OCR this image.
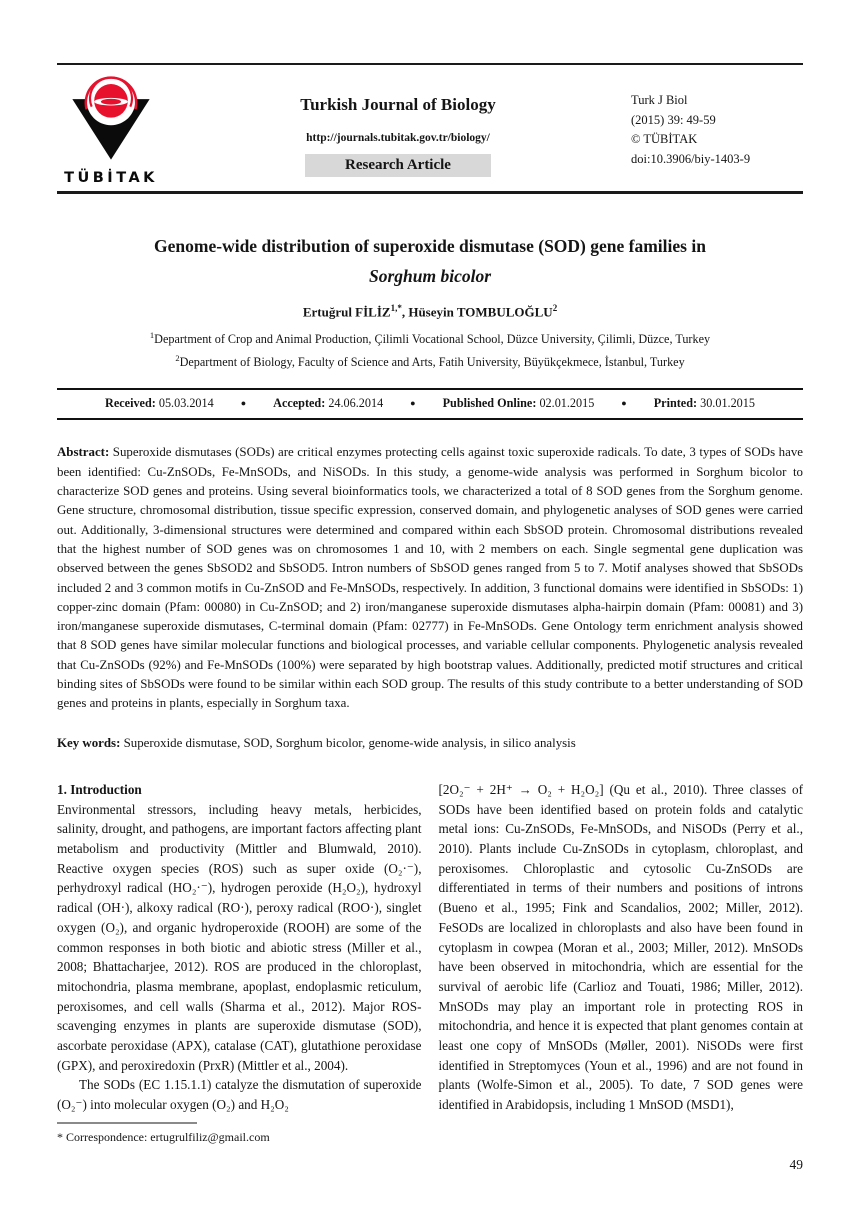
TÜBİTAK
Turkish Journal of Biology
http://journals.tubitak.gov.tr/biology/
Research Article
Turk J Biol
(2015) 39: 49-59
© TÜBİTAK
doi:10.3906/biy-1403-9
Genome-wide distribution of superoxide dismutase (SOD) gene families in
Sorghum bicolor
Ertuğrul $FİLİZ^{1,*}$, Hüseyin TOMBULOĞLU$^2$
$^1$Department of Crop and Animal Production, Çilimli Vocational School, Düzce University, Çilimli, Düzce, Turkey
$^2$Department of Biology, Faculty of Science and Arts, Fatih University, Büyükçekmece, İstanbul, Turkey
Received: 05.03.2014	● Accepted: 24.06.2014	● Published Online: 02.01.2015	● Printed: 30.01.2015

Abstract: Superoxide dismutases (SODs) are critical enzymes protecting cells against toxic superoxide radicals. To date, 3 types of SODs have been identified: Cu-ZnSODs, Fe-MnSODs, and NiSODs. In this study, a genome-wide analysis was performed in Sorghum bicolor to characterize SOD genes and proteins. Using several bioinformatics tools, we characterized a total of 8 SOD genes from the Sorghum genome. Gene structure, chromosomal distribution, tissue specific expression, conserved domain, and phylogenetic analyses of SOD genes were carried out. Additionally, 3-dimensional structures were determined and compared within each SbSOD protein. Chromosomal distributions revealed that the highest number of SOD genes was on chromosomes 1 and 10, with 2 members on each. Single segmental gene duplication was observed between the genes SbSOD2 and SbSOD5. Intron numbers of SbSOD genes ranged from 5 to 7. Motif analyses showed that SbSODs included 2 and 3 common motifs in Cu-ZnSOD and Fe-MnSODs, respectively. In addition, 3 functional domains were identified in SbSODs: 1) copper-zinc domain (Pfam: 00080) in Cu-ZnSOD; and 2) iron/manganese superoxide dismutases alpha-hairpin domain (Pfam: 00081) and 3) iron/manganese superoxide dismutases, C-terminal domain (Pfam: 02777) in Fe-MnSODs. Gene Ontology term enrichment analysis showed that 8 SOD genes have similar molecular functions and biological processes, and variable cellular components. Phylogenetic analysis revealed that Cu-ZnSODs (92%) and Fe-MnSODs (100%) were separated by high bootstrap values. Additionally, predicted motif structures and critical binding sites of SbSODs were found to be similar within each SOD group. The results of this study contribute to a better understanding of SOD genes and proteins in plants, especially in Sorghum taxa.

Key words: Superoxide dismutase, SOD, Sorghum bicolor, genome-wide analysis, in silico analysis

1. Introduction

Environmental stressors, including heavy metals, herbicides, salinity, drought, and pathogens, are important factors affecting plant metabolism and productivity (Mittler and Blumwald, 2010). Reactive oxygen species (ROS) such as super oxide (O₂·⁻), perhydroxyl radical (HO₂·⁻), hydrogen peroxide (H₂O₂), hydroxyl radical (OH·), alkoxy radical (RO·), peroxy radical (ROO·), singlet oxygen (O₂), and organic hydroperoxide (ROOH) are some of the common responses in both biotic and abiotic stress (Miller et al., 2008; Bhattacharjee, 2012). ROS are produced in the chloroplast, mitochondria, plasma membrane, apoplast, endoplasmic reticulum, peroxisomes, and cell walls (Sharma et al., 2012). Major ROS-scavenging enzymes in plants are superoxide dismutase (SOD), ascorbate peroxidase (APX), catalase (CAT), glutathione peroxidase (GPX), and peroxiredoxin (PrxR) (Mittler et al., 2004).

The SODs (EC 1.15.1.1) catalyze the dismutation of superoxide (O₂⁻) into molecular oxygen (O₂) and H₂O₂

[2O₂⁻ + 2H⁺ → O₂ + H₂O₂] (Qu et al., 2010). Three classes of SODs have been identified based on protein folds and catalytic metal ions: Cu-ZnSODs, Fe-MnSODs, and NiSODs (Perry et al., 2010). Plants include Cu-ZnSODs in cytoplasm, chloroplast, and peroxisomes. Chloroplastic and cytosolic Cu-ZnSODs are differentiated in terms of their numbers and positions of introns (Bueno et al., 1995; Fink and Scandalios, 2002; Miller, 2012). FeSODs are localized in chloroplasts and also have been found in cytoplasm in cowpea (Moran et al., 2003; Miller, 2012). MnSODs have been observed in mitochondria, which are essential for the survival of aerobic life (Carlioz and Touati, 1986; Miller, 2012). MnSODs may play an important role in protecting ROS in mitochondria, and hence it is expected that plant genomes contain at least one copy of MnSODs (Møller, 2001). NiSODs were first identified in Streptomyces (Youn et al., 1996) and are not found in plants (Wolfe-Simon et al., 2005). To date, 7 SOD genes were identified in Arabidopsis, including 1 MnSOD (MSD1),

* Correspondence: ertugrulfiliz@gmail.com
49
